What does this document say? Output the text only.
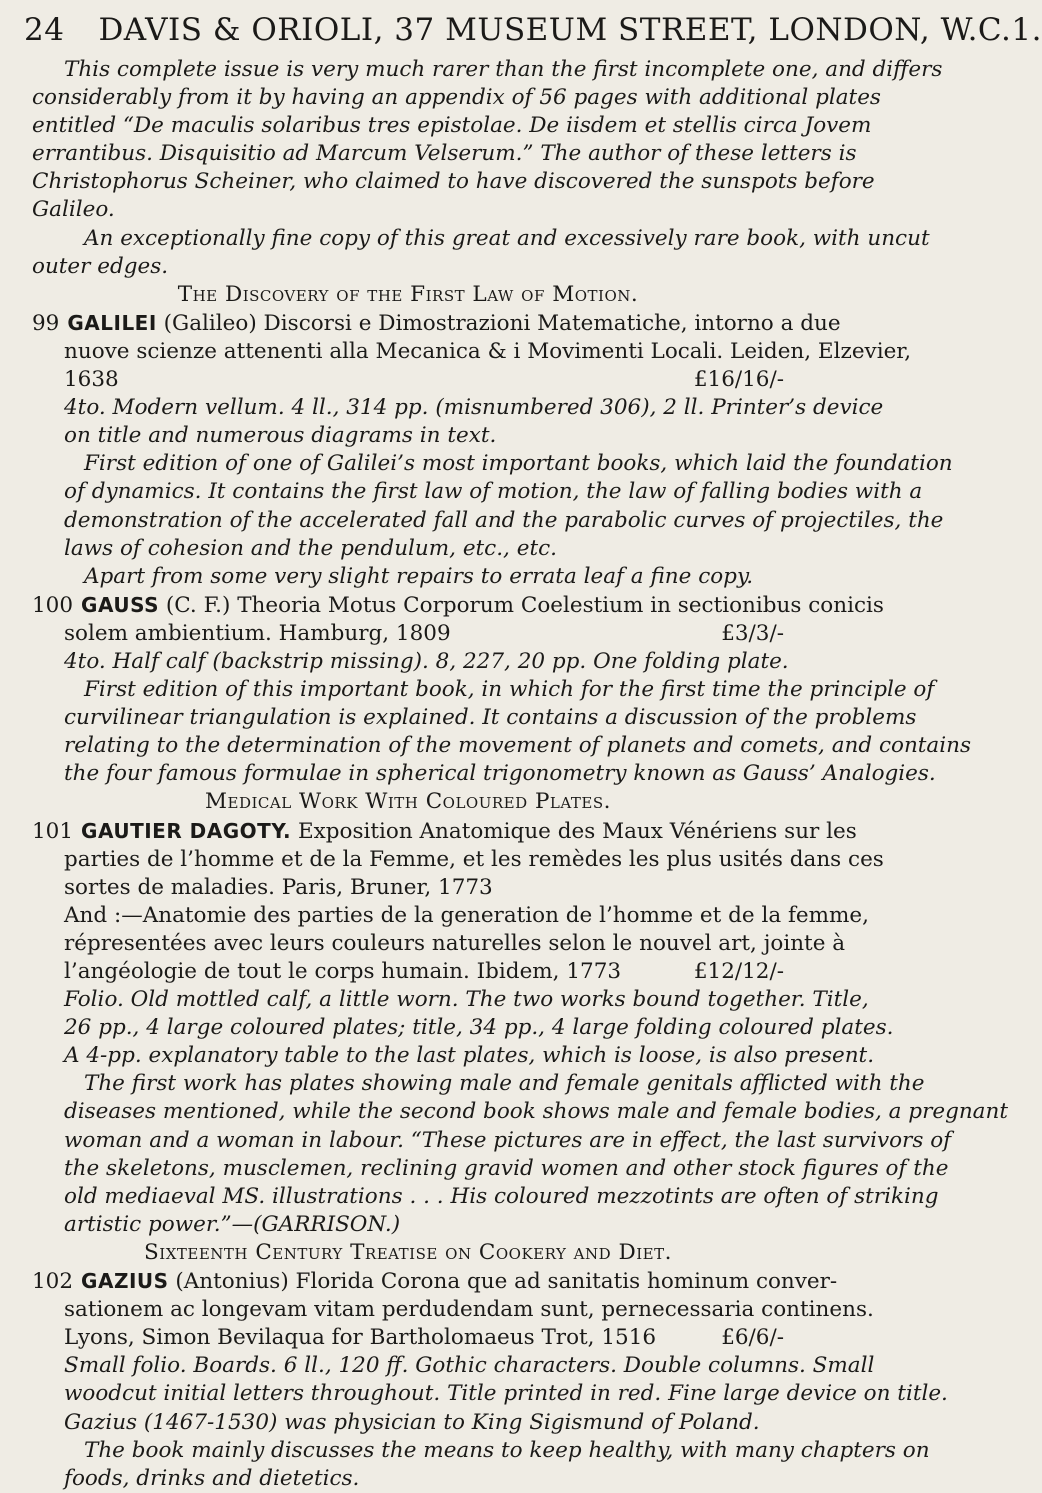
24 DAVIS & ORIOLI, 37 MUSEUM STREET, LONDON, W.C.1.
This complete issue is very much rarer than the first incomplete one, and differs
considerably from it by having an appendix of 56 pages with additional plates
entitled “De maculis solaribus tres epistolae. De iisdem et stellis circa Jovem
errantibus. Disquisitio ad Marcum Velserum.” The author of these letters is
Christophorus Scheiner, who claimed to have discovered the sunspots before
Galileo.
An exceptionally fine copy of this great and excessively rare book, with uncut
outer edges.
The Discovery of the First Law of Motion.
99 GALILEI (Galileo) Discorsi e Dimostrazioni Matematiche, intorno a due
nuove scienze attenenti alla Mecanica & i Movimenti Locali. Leiden, Elzevier,
1638	£16/16/-
4to. Modern vellum. 4 ll., 314 pp. (misnumbered 306), 2 ll. Printer’s device
on title and numerous diagrams in text.
First edition of one of Galilei’s most important books, which laid the foundation
of dynamics. It contains the first law of motion, the law of falling bodies with a
demonstration of the accelerated fall and the parabolic curves of projectiles, the
laws of cohesion and the pendulum, etc., etc.
Apart from some very slight repairs to errata leaf a fine copy.
100 GAUSS (C. F.) Theoria Motus Corporum Coelestium in sectionibus conicis
solem ambientium. Hamburg, 1809	£3/3/-
4to. Half calf (backstrip missing). 8, 227, 20 pp. One folding plate.
First edition of this important book, in which for the first time the principle of
curvilinear triangulation is explained. It contains a discussion of the problems
relating to the determination of the movement of planets and comets, and contains
the four famous formulae in spherical trigonometry known as Gauss’ Analogies.
Medical Work With Coloured Plates.
101 GAUTIER DAGOTY. Exposition Anatomique des Maux Vénériens sur les
parties de l’homme et de la Femme, et les remèdes les plus usités dans ces
sortes de maladies. Paris, Bruner, 1773
And :—Anatomie des parties de la generation de l’homme et de la femme,
répresentées avec leurs couleurs naturelles selon le nouvel art, jointe à
l’angéologie de tout le corps humain. Ibidem, 1773	£12/12/-
Folio. Old mottled calf, a little worn. The two works bound together. Title,
26 pp., 4 large coloured plates; title, 34 pp., 4 large folding coloured plates.
A 4-pp. explanatory table to the last plates, which is loose, is also present.
The first work has plates showing male and female genitals afflicted with the
diseases mentioned, while the second book shows male and female bodies, a pregnant
woman and a woman in labour. “These pictures are in effect, the last survivors of
the skeletons, musclemen, reclining gravid women and other stock figures of the
old mediaeval MS. illustrations . . . His coloured mezzotints are often of striking
artistic power.”—(GARRISON.)
Sixteenth Century Treatise on Cookery and Diet.
102 GAZIUS (Antonius) Florida Corona que ad sanitatis hominum conver-
sationem ac longevam vitam perdudendam sunt, pernecessaria continens.
Lyons, Simon Bevilaqua for Bartholomaeus Trot, 1516	£6/6/-
Small folio. Boards. 6 ll., 120 ff. Gothic characters. Double columns. Small
woodcut initial letters throughout. Title printed in red. Fine large device on title.
Gazius (1467-1530) was physician to King Sigismund of Poland.
The book mainly discusses the means to keep healthy, with many chapters on
foods, drinks and dietetics.
